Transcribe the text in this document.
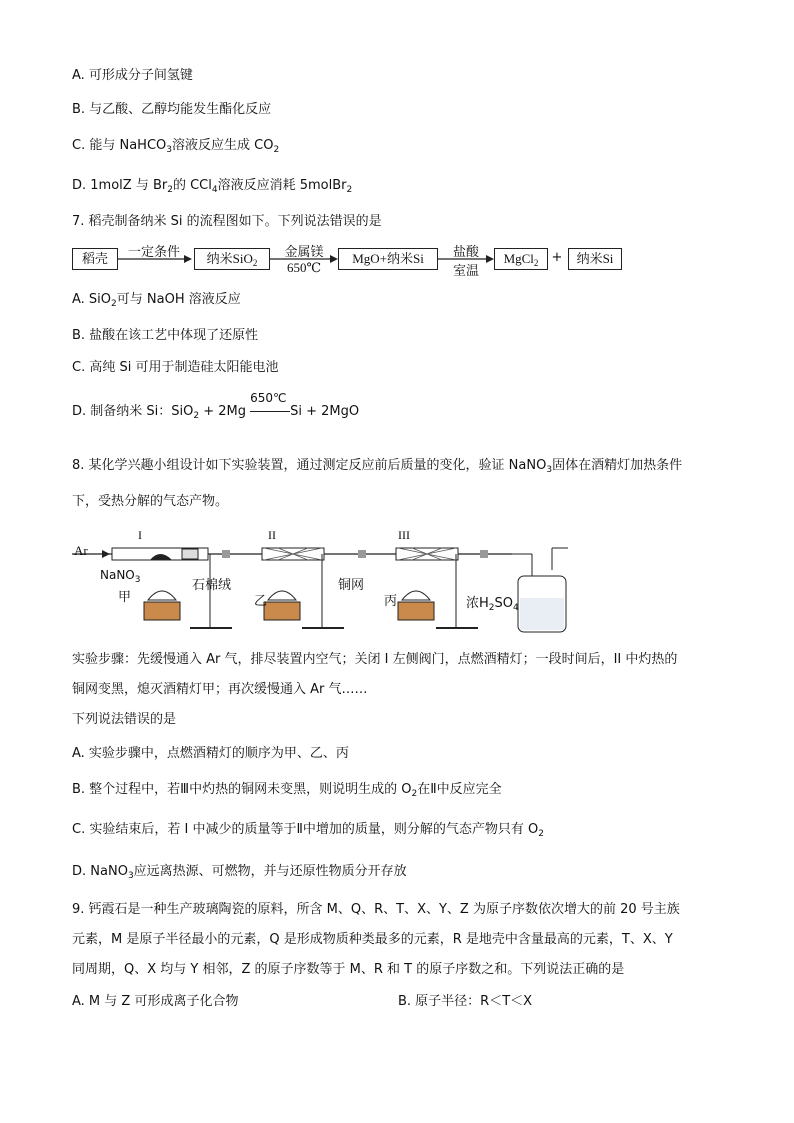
A. 可形成分子间氢键
B. 与乙酸、乙醇均能发生酯化反应
C. 能与 NaHCO$_3$溶液反应生成 $CO_2$
D. 1molZ 与 $Br_2$的 CCl$_4$溶液反应消耗 5molBr$_2$
7. 稻壳制备纳米 Si 的流程图如下。下列说法错误的是
稻壳	一定条件	纳米SiO$_2$
金属镁
650℃
MgO+纳米Si	盐酸
室温
MgCl$_2$	+	纳米Si
A. SiO$_2$可与 NaOH 溶液反应
B. 盐酸在该工艺中体现了还原性
C. 高纯 Si 可用于制造硅太阳能电池
D. 制备纳米 Si：SiO$_2$ + 2Mg
650℃
Si + 2MgO
8. 某化学兴趣小组设计如下实验装置，通过测定反应前后质量的变化，验证 NaNO$_3$固体在酒精灯加热条件
下，受热分解的气态产物。
Ar
I	II	III
NaNO$_3$	石棉绒	铜网
甲	乙	丙	浓$H_2SO_4$
实验步骤：先缓慢通入 Ar 气，排尽装置内空气；关闭 I 左侧阀门，点燃酒精灯；一段时间后，II 中灼热的
铜网变黑，熄灭酒精灯甲；再次缓慢通入 Ar 气……
下列说法错误的是
A. 实验步骤中，点燃酒精灯的顺序为甲、乙、丙
B. 整个过程中，若Ⅲ中灼热的铜网未变黑，则说明生成的 $O_2$在Ⅱ中反应完全
C. 实验结束后，若 I 中减少的质量等于Ⅱ中增加的质量，则分解的气态产物只有 $O_2$
D. NaNO$_3$应远离热源、可燃物，并与还原性物质分开存放
9. 钙霞石是一种生产玻璃陶瓷的原料，所含 M、Q、R、T、X、Y、Z 为原子序数依次增大的前 20 号主族
元素，M 是原子半径最小的元素，Q 是形成物质种类最多的元素，R 是地壳中含量最高的元素，T、X、Y
同周期，Q、X 均与 Y 相邻，Z 的原子序数等于 M、R 和 T 的原子序数之和。下列说法正确的是
A. M 与 Z 可形成离子化合物	B. 原子半径：R＜T＜X
